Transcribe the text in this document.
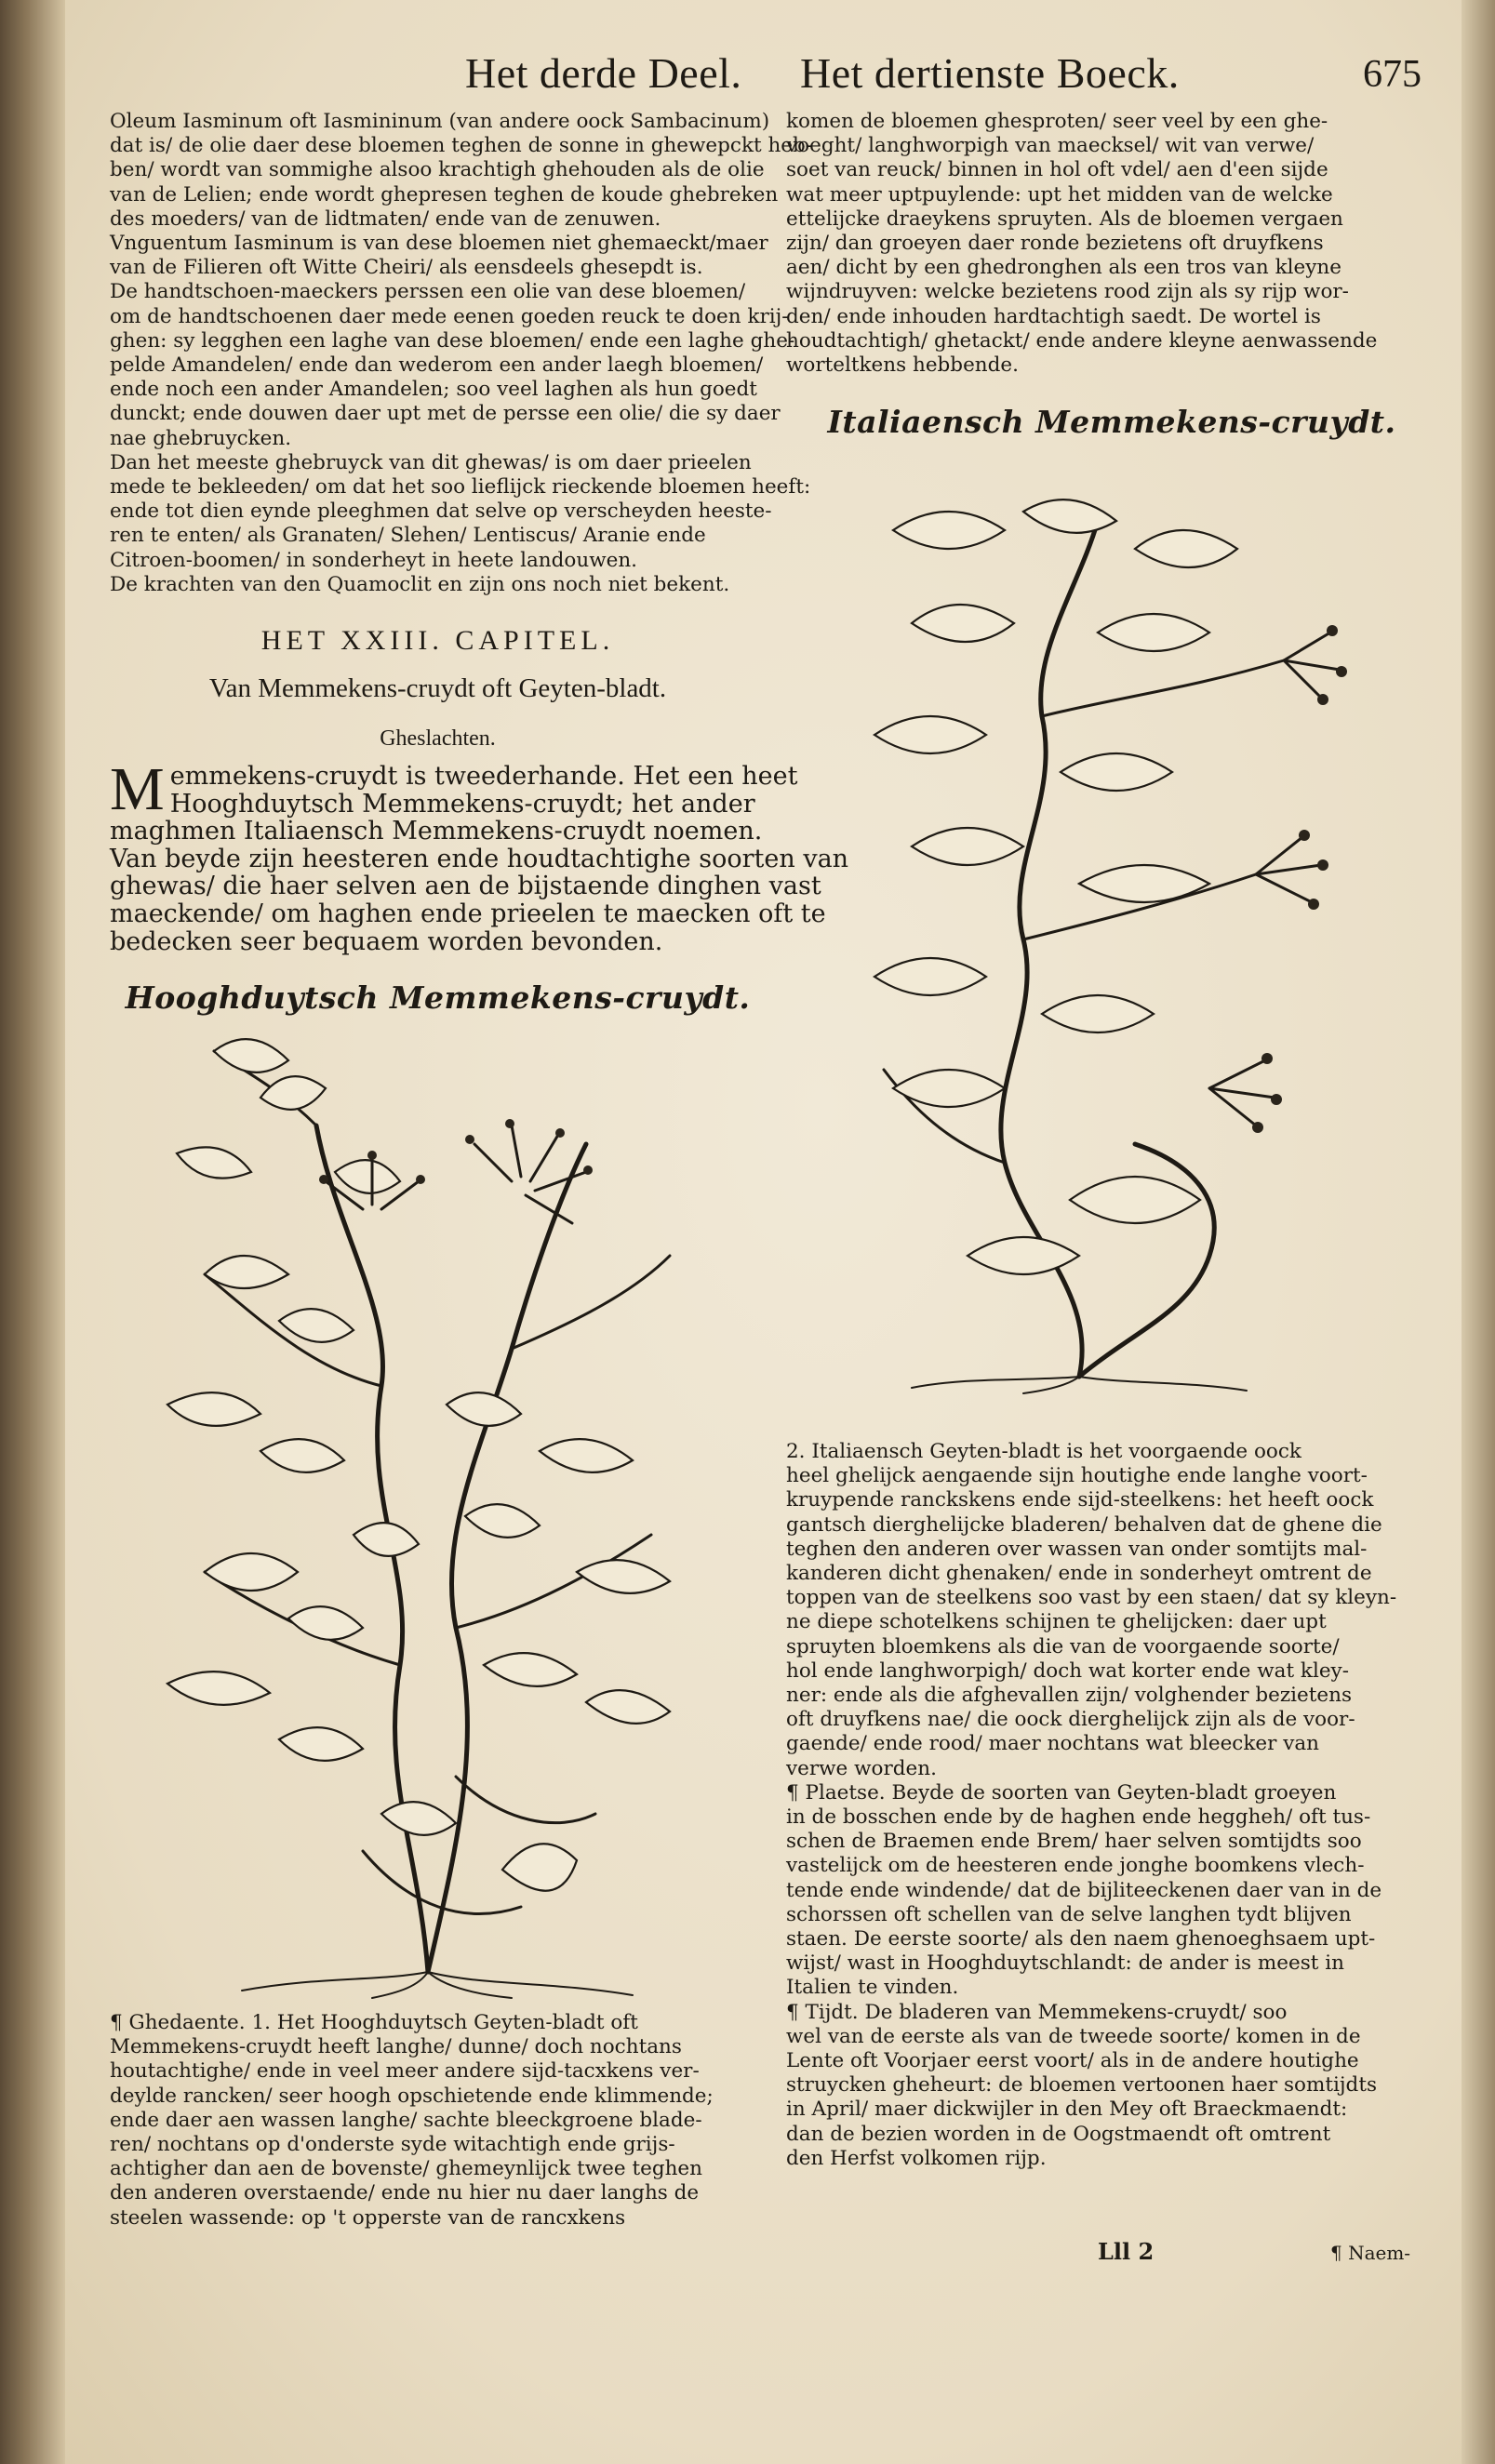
Het derde Deel. Het dertienste Boeck.	675

Oleum Iasminum oft Iasmininum (van andere oock Sambacinum)
dat is/ de olie daer dese bloemen teghen de sonne in ghewepckt heb-
ben/ wordt van sommighe alsoo krachtigh ghehouden als de olie
van de Lelien; ende wordt ghepresen teghen de koude ghebreken
des moeders/ van de lidtmaten/ ende van de zenuwen.
Vnguentum Iasminum is van dese bloemen niet ghemaeckt/maer
van de Filieren oft Witte Cheiri/ als eensdeels ghesepdt is.
De handtschoen-maeckers perssen een olie van dese bloemen/
om de handtschoenen daer mede eenen goeden reuck te doen krij-
ghen: sy legghen een laghe van dese bloemen/ ende een laghe ghe-
pelde Amandelen/ ende dan wederom een ander laegh bloemen/
ende noch een ander Amandelen; soo veel laghen als hun goedt
dunckt; ende douwen daer upt met de persse een olie/ die sy daer
nae ghebruycken.
Dan het meeste ghebruyck van dit ghewas/ is om daer prieelen
mede te bekleeden/ om dat het soo lieflijck rieckende bloemen heeft:
ende tot dien eynde pleeghmen dat selve op verscheyden heeste-
ren te enten/ als Granaten/ Slehen/ Lentiscus/ Aranie ende
Citroen-boomen/ in sonderheyt in heete landouwen.
De krachten van den Quamoclit en zijn ons noch niet bekent.

HET XXIII. CAPITEL.
Van Memmekens-cruydt oft Geyten-bladt.
Gheslachten.
M emmekens-cruydt is tweederhande. Het een heet
Hooghduytsch Memmekens-cruydt; het ander
maghmen Italiaensch Memmekens-cruydt noemen.
Van beyde zijn heesteren ende houdtachtighe soorten van
ghewas/ die haer selven aen de bijstaende dinghen vast
maeckende/ om haghen ende prieelen te maecken oft te
bedecken seer bequaem worden bevonden.
Hooghduytsch Memmekens-cruydt.

¶ Ghedaente. 1. Het Hooghduytsch Geyten-bladt oft
Memmekens-cruydt heeft langhe/ dunne/ doch nochtans
houtachtighe/ ende in veel meer andere sijd-tacxkens ver-
deylde rancken/ seer hoogh opschietende ende klimmende;
ende daer aen wassen langhe/ sachte bleeckgroene blade-
ren/ nochtans op d'onderste syde witachtigh ende grijs-
achtigher dan aen de bovenste/ ghemeynlijck twee teghen
den anderen overstaende/ ende nu hier nu daer langhs de
steelen wassende: op 't opperste van de rancxkens

komen de bloemen ghesproten/ seer veel by een ghe-
voeght/ langhworpigh van maecksel/ wit van verwe/
soet van reuck/ binnen in hol oft vdel/ aen d'een sijde
wat meer uptpuylende: upt het midden van de welcke
ettelijcke draeykens spruyten. Als de bloemen vergaen
zijn/ dan groeyen daer ronde bezietens oft druyfkens
aen/ dicht by een ghedronghen als een tros van kleyne
wijndruyven: welcke bezietens rood zijn als sy rijp wor-
den/ ende inhouden hardtachtigh saedt. De wortel is
houdtachtigh/ ghetackt/ ende andere kleyne aenwassende
worteltkens hebbende.

Italiaensch Memmekens-cruydt.

2. Italiaensch Geyten-bladt is het voorgaende oock
heel ghelijck aengaende sijn houtighe ende langhe voort-
kruypende ranckskens ende sijd-steelkens: het heeft oock
gantsch dierghelijcke bladeren/ behalven dat de ghene die
teghen den anderen over wassen van onder somtijts mal-
kanderen dicht ghenaken/ ende in sonderheyt omtrent de
toppen van de steelkens soo vast by een staen/ dat sy kleyn-
ne diepe schotelkens schijnen te ghelijcken: daer upt
spruyten bloemkens als die van de voorgaende soorte/
hol ende langhworpigh/ doch wat korter ende wat kley-
ner: ende als die afghevallen zijn/ volghender bezietens
oft druyfkens nae/ die oock dierghelijck zijn als de voor-
gaende/ ende rood/ maer nochtans wat bleecker van
verwe worden.
¶ Plaetse. Beyde de soorten van Geyten-bladt groeyen
in de bosschen ende by de haghen ende heggheh/ oft tus-
schen de Braemen ende Brem/ haer selven somtijdts soo
vastelijck om de heesteren ende jonghe boomkens vlech-
tende ende windende/ dat de bijliteeckenen daer van in de
schorssen oft schellen van de selve langhen tydt blijven
staen. De eerste soorte/ als den naem ghenoeghsaem upt-
wijst/ wast in Hooghduytschlandt: de ander is meest in
Italien te vinden.
¶ Tijdt. De bladeren van Memmekens-cruydt/ soo
wel van de eerste als van de tweede soorte/ komen in de
Lente oft Voorjaer eerst voort/ als in de andere houtighe
struycken gheheurt: de bloemen vertoonen haer somtijdts
in April/ maer dickwijler in den Mey oft Braeckmaendt:
dan de bezien worden in de Oogstmaendt oft omtrent
den Herfst volkomen rijp.

Lll 2	¶ Naem-
